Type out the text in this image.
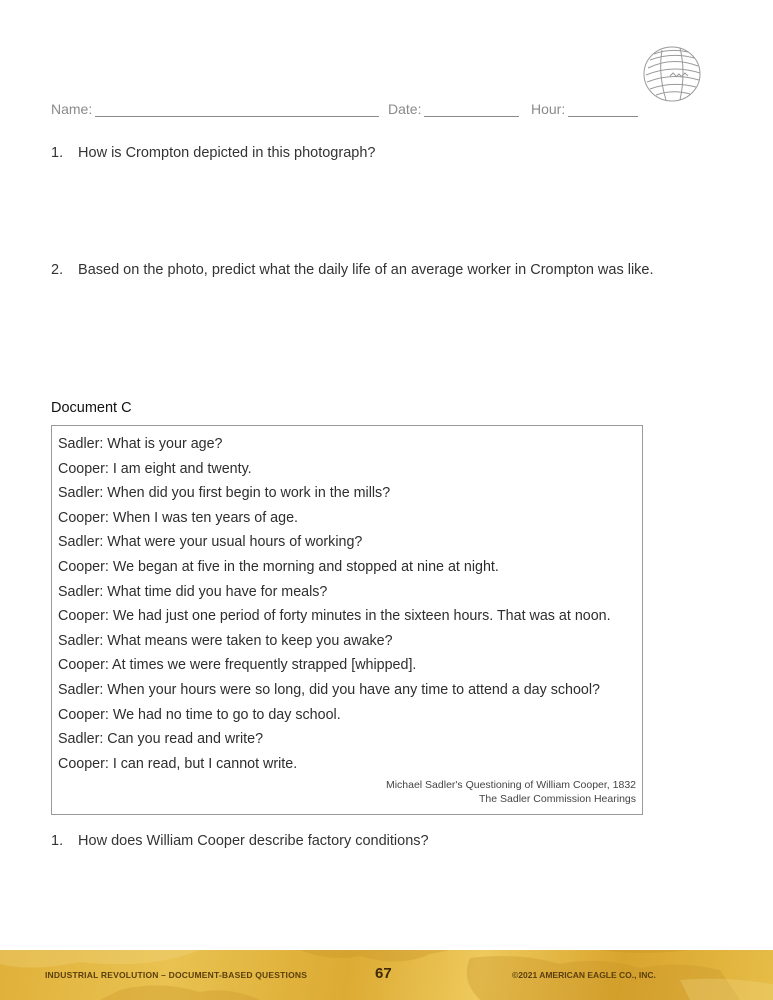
Name:	Date:	Hour:
1. How is Crompton depicted in this photograph?
2. Based on the photo, predict what the daily life of an average worker in Crompton was like.
Document C
Sadler: What is your age?
Cooper: I am eight and twenty.
Sadler: When did you first begin to work in the mills?
Cooper: When I was ten years of age.
Sadler: What were your usual hours of working?
Cooper: We began at five in the morning and stopped at nine at night.
Sadler: What time did you have for meals?
Cooper: We had just one period of forty minutes in the sixteen hours. That was at noon.
Sadler: What means were taken to keep you awake?
Cooper: At times we were frequently strapped [whipped].
Sadler: When your hours were so long, did you have any time to attend a day school?
Cooper: We had no time to go to day school.
Sadler: Can you read and write?
Cooper: I can read, but I cannot write.
Michael Sadler's Questioning of William Cooper, 1832
The Sadler Commission Hearings
1. How does William Cooper describe factory conditions?
INDUSTRIAL REVOLUTION – DOCUMENT-BASED QUESTIONS	67	©2021 AMERICAN EAGLE CO., INC.
